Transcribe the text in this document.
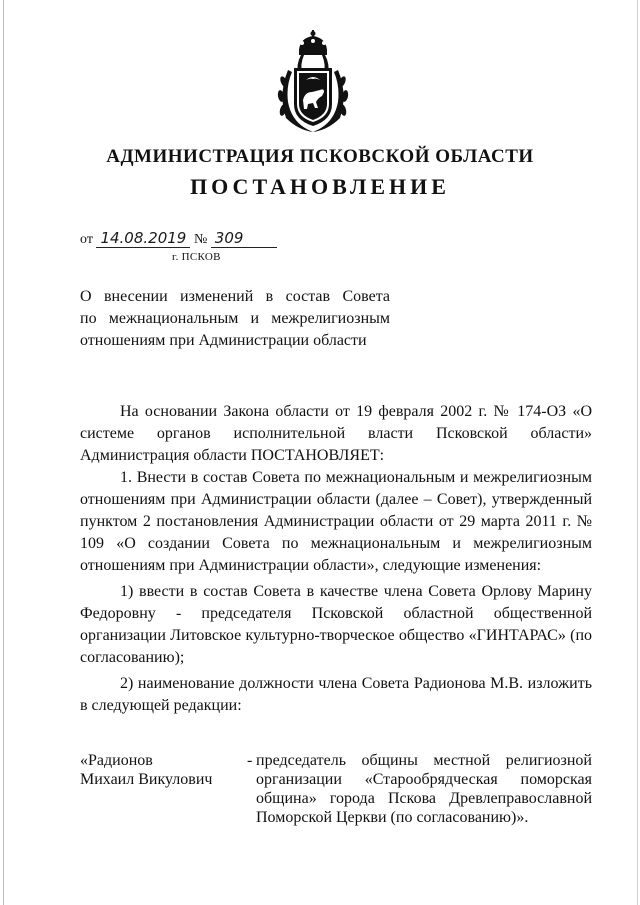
АДМИНИСТРАЦИЯ ПСКОВСКОЙ ОБЛАСТИ
ПОСТАНОВЛЕНИЕ
от 14.08.2019 № 309
г. ПСКОВ
О внесении изменений в состав Совета
по межнациональным и межрелигиозным
отношениям при Администрации области

На основании Закона области от 19 февраля 2002 г. № 174-ОЗ «О системе органов исполнительной власти Псковской области» Администрация области ПОСТАНОВЛЯЕТ:

1. Внести в состав Совета по межнациональным и межрелигиозным отношениям при Администрации области (далее – Совет), утвержденный пунктом 2 постановления Администрации области от 29 марта 2011 г. № 109 «О создании Совета по межнациональным и межрелигиозным отношениям при Администрации области», следующие изменения:

1) ввести в состав Совета в качестве члена Совета Орлову Марину Федоровну - председателя Псковской областной общественной организации Литовское культурно-творческое общество «ГИНТАРАС» (по согласованию);

2) наименование должности члена Совета Радионова М.В. изложить в следующей редакции:

«Радионов
Михаил Викулович
- председатель общины местной религиозной организации «Старообрядческая поморская община» города Пскова Древлеправославной Поморской Церкви (по согласованию)».
